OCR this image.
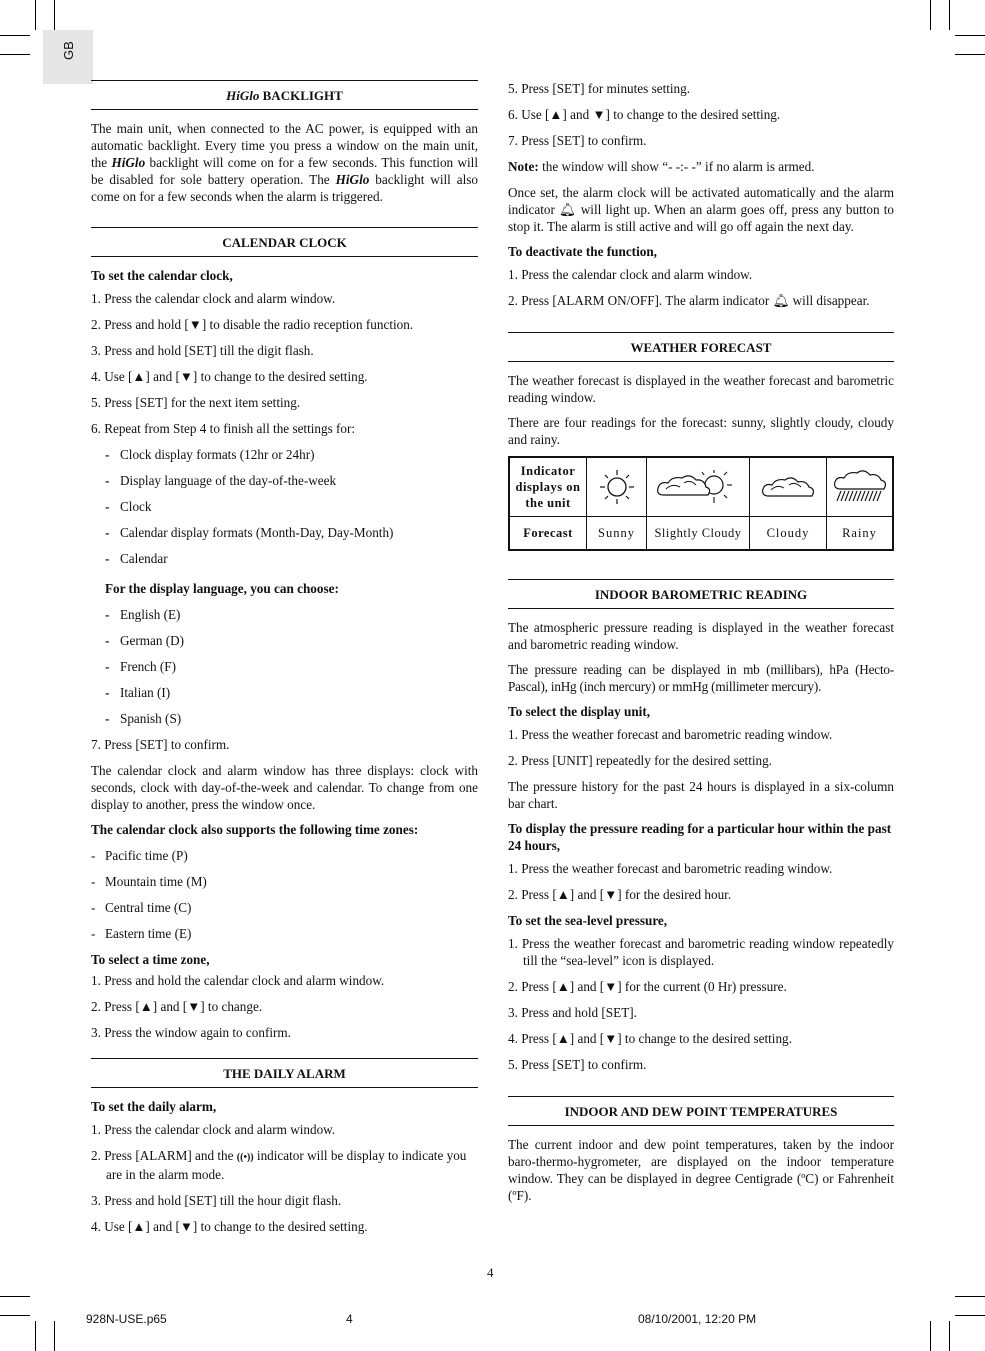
GB
HiGlo BACKLIGHT

The main unit, when connected to the AC power, is equipped with an automatic backlight. Every time you press a window on the main unit, the HiGlo backlight will come on for a few seconds. This function will be disabled for sole battery operation. The HiGlo backlight will also come on for a few seconds when the alarm is triggered.

CALENDAR CLOCK

To set the calendar clock,

1. Press the calendar clock and alarm window.
2. Press and hold [▼] to disable the radio reception function.
3. Press and hold [SET] till the digit flash.
4. Use [▲] and [▼] to change to the desired setting.
5. Press [SET] for the next item setting.
6. Repeat from Step 4 to finish all the settings for:
- Clock display formats (12hr or 24hr)
- Display language of the day-of-the-week
- Clock
- Calendar display formats (Month-Day, Day-Month)
- Calendar
For the display language, you can choose:
- English (E)
- German (D)
- French (F)
- Italian (I)
- Spanish (S)
7. Press [SET] to confirm.

The calendar clock and alarm window has three displays: clock with seconds, clock with day-of-the-week and calendar. To change from one display to another, press the window once.

The calendar clock also supports the following time zones:
- Pacific time (P)
- Mountain time (M)
- Central time (C)
- Eastern time (E)
To select a time zone,
1. Press and hold the calendar clock and alarm window.
2. Press [▲] and [▼] to change.
3. Press the window again to confirm.
THE DAILY ALARM
To set the daily alarm,
1. Press the calendar clock and alarm window.
2. Press [ALARM] and the ((•)) indicator will be display to indicate you are in the alarm mode.
3. Press and hold [SET] till the hour digit flash.
4. Use [▲] and [▼] to change to the desired setting.
5. Press [SET] for minutes setting.
6. Use [▲] and ▼] to change to the desired setting.
7. Press [SET] to confirm.
Note: the window will show “- -:- -” if no alarm is armed.

Once set, the alarm clock will be activated automatically and the alarm indicator 🔔︎ will light up. When an alarm goes off, press any button to stop it. The alarm is still active and will go off again the next day.

To deactivate the function,
1. Press the calendar clock and alarm window.
2. Press [ALARM ON/OFF]. The alarm indicator 🔔︎ will disappear.
WEATHER FORECAST

The weather forecast is displayed in the weather forecast and barometric reading window.

There are four readings for the forecast: sunny, slightly cloudy, cloudy and rainy.

Indicator displays on the unit				
Forecast	Sunny	Slightly Cloudy	Cloudy	Rainy
INDOOR BAROMETRIC READING

The atmospheric pressure reading is displayed in the weather forecast and barometric reading window.

The pressure reading can be displayed in mb (millibars), hPa (Hecto-Pascal), inHg (inch mercury) or mmHg (millimeter mercury).

To select the display unit,
1. Press the weather forecast and barometric reading window.
2. Press [UNIT] repeatedly for the desired setting.

The pressure history for the past 24 hours is displayed in a six-column bar chart.

To display the pressure reading for a particular hour within the past 24 hours,
1. Press the weather forecast and barometric reading window.
2. Press [▲] and [▼] for the desired hour.
To set the sea-level pressure,
1. Press the weather forecast and barometric reading window repeatedly till the “sea-level” icon is displayed.
2. Press [▲] and [▼] for the current (0 Hr) pressure.
3. Press and hold [SET].
4. Press [▲] and [▼] to change to the desired setting.
5. Press [SET] to confirm.
INDOOR AND DEW POINT TEMPERATURES

The current indoor and dew point temperatures, taken by the indoor baro-thermo-hygrometer, are displayed on the indoor temperature window. They can be displayed in degree Centigrade (ºC) or Fahrenheit (ºF).

4
928N-USE.p65	4	08/10/2001, 12:20 PM
